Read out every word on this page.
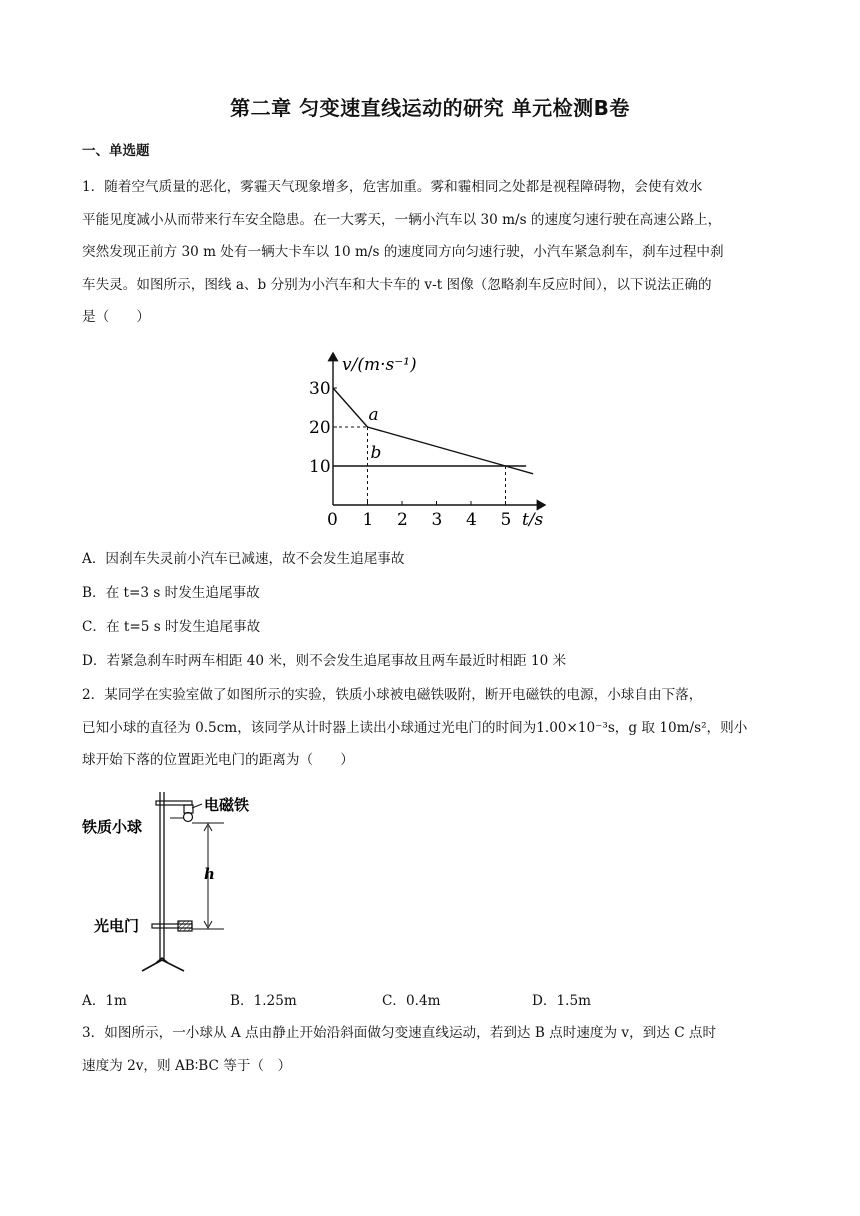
第二章 匀变速直线运动的研究 单元检测B卷
一、单选题
1．随着空气质量的恶化，雾霾天气现象增多，危害加重。雾和霾相同之处都是视程障碍物，会使有效水
平能见度减小从而带来行车安全隐患。在一大雾天，一辆小汽车以 30 m/s 的速度匀速行驶在高速公路上，
突然发现正前方 30 m 处有一辆大卡车以 10 m/s 的速度同方向匀速行驶，小汽车紧急刹车，刹车过程中刹
车失灵。如图所示，图线 a、b 分别为小汽车和大卡车的 v-t 图像（忽略刹车反应时间），以下说法正确的
是（　　）
0 1 2 3 4 5
10
20
30
v/(m·s⁻¹)
t/s
a
b
A．因刹车失灵前小汽车已减速，故不会发生追尾事故
B．在 t=3 s 时发生追尾事故
C．在 t=5 s 时发生追尾事故
D．若紧急刹车时两车相距 40 米，则不会发生追尾事故且两车最近时相距 10 米
2．某同学在实验室做了如图所示的实验，铁质小球被电磁铁吸附，断开电磁铁的电源，小球自由下落，
已知小球的直径为 0.5cm，该同学从计时器上读出小球通过光电门的时间为1.00×10⁻³s，g 取 10m/s²，则小
球开始下落的位置距光电门的距离为（　　）
电磁铁
铁质小球
h
光电门
A．1m	B．1.25m	C．0.4m	D．1.5m
3．如图所示，一小球从 A 点由静止开始沿斜面做匀变速直线运动，若到达 B 点时速度为 v，到达 C 点时
速度为 2v，则 AB∶BC 等于（　）
